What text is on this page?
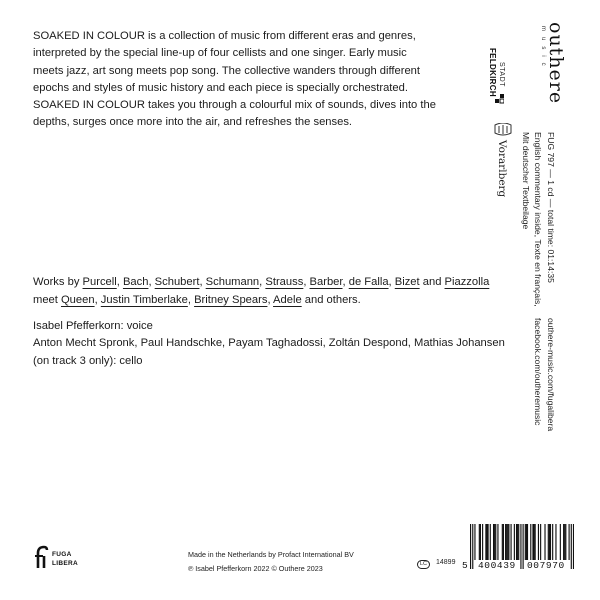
SOAKED IN COLOUR is a collection of music from different eras and genres,
interpreted by the special line-up of four cellists and one singer. Early music
meets jazz, art song meets pop song. The collective wanders through different
epochs and styles of music history and each piece is specially orchestrated.
SOAKED IN COLOUR takes you through a colourful mix of sounds, dives into the
depths, surges once more into the air, and refreshes the senses.

Works by Purcell, Bach, Schubert, Schumann, Strauss, Barber, de Falla, Bizet and Piazzolla
meet Queen, Justin Timberlake, Britney Spears, Adele and others.
Isabel Pfefferkorn: voice
Anton Mecht Spronk, Paul Handschke, Payam Taghadossi, Zoltán Despond, Mathias Johansen
(on track 3 only): cello
outhere
music
STADT
FELDKIRCH
Vorarlberg	FUG 797 — 1 cd — total time: 01:14:35
English commentary inside, Texte en français,
Mit deutscher Textbeilage
outhere-music.com/fugalibera
facebook.com/outheremusic
FUGA
LIBERA
Made in the Netherlands by Profact International BV
℗ Isabel Pfefferkorn 2022 © Outhere 2023	LC	14899 5 400439 007970
